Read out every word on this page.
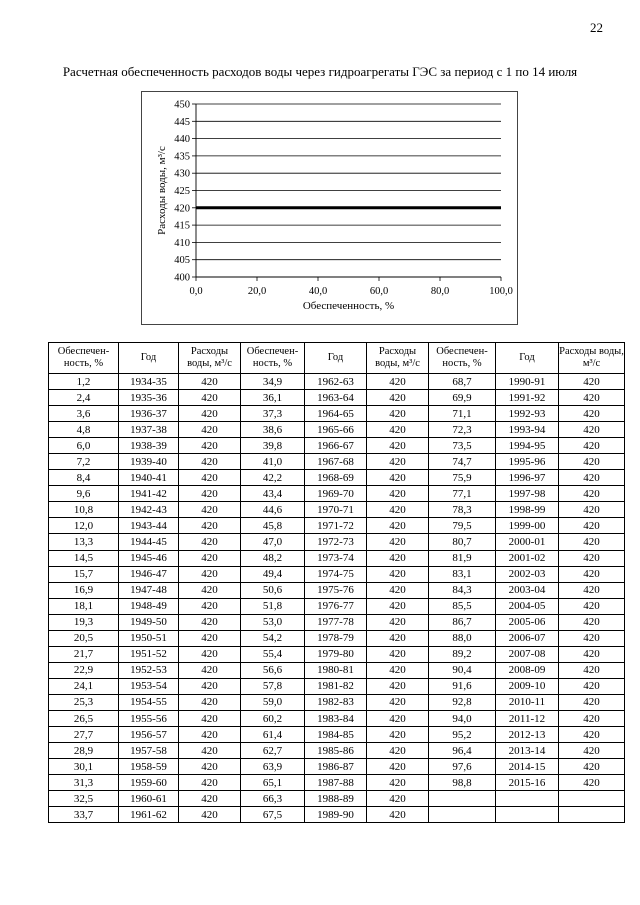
22
Расчетная обеспеченность расходов воды через гидроагрегаты ГЭС за период с 1 по 14 июля
400
405
410
415
420
425
430
435
440
445
450
0,0	20,0	40,0	60,0	80,0	100,0
Обеспеченность, %
Расходы воды, м³/с
Обеспечен-ность, %	Год	Расходы воды, м³/с	Обеспечен-ность, %	Год	Расходы воды, м³/с	Обеспечен-ность, %	Год	Расходы воды, м³/с
1,2	1934-35	420	34,9	1962-63	420	68,7	1990-91	420
2,4	1935-36	420	36,1	1963-64	420	69,9	1991-92	420
3,6	1936-37	420	37,3	1964-65	420	71,1	1992-93	420
4,8	1937-38	420	38,6	1965-66	420	72,3	1993-94	420
6,0	1938-39	420	39,8	1966-67	420	73,5	1994-95	420
7,2	1939-40	420	41,0	1967-68	420	74,7	1995-96	420
8,4	1940-41	420	42,2	1968-69	420	75,9	1996-97	420
9,6	1941-42	420	43,4	1969-70	420	77,1	1997-98	420
10,8	1942-43	420	44,6	1970-71	420	78,3	1998-99	420
12,0	1943-44	420	45,8	1971-72	420	79,5	1999-00	420
13,3	1944-45	420	47,0	1972-73	420	80,7	2000-01	420
14,5	1945-46	420	48,2	1973-74	420	81,9	2001-02	420
15,7	1946-47	420	49,4	1974-75	420	83,1	2002-03	420
16,9	1947-48	420	50,6	1975-76	420	84,3	2003-04	420
18,1	1948-49	420	51,8	1976-77	420	85,5	2004-05	420
19,3	1949-50	420	53,0	1977-78	420	86,7	2005-06	420
20,5	1950-51	420	54,2	1978-79	420	88,0	2006-07	420
21,7	1951-52	420	55,4	1979-80	420	89,2	2007-08	420
22,9	1952-53	420	56,6	1980-81	420	90,4	2008-09	420
24,1	1953-54	420	57,8	1981-82	420	91,6	2009-10	420
25,3	1954-55	420	59,0	1982-83	420	92,8	2010-11	420
26,5	1955-56	420	60,2	1983-84	420	94,0	2011-12	420
27,7	1956-57	420	61,4	1984-85	420	95,2	2012-13	420
28,9	1957-58	420	62,7	1985-86	420	96,4	2013-14	420
30,1	1958-59	420	63,9	1986-87	420	97,6	2014-15	420
31,3	1959-60	420	65,1	1987-88	420	98,8	2015-16	420
32,5	1960-61	420	66,3	1988-89	420			
33,7	1961-62	420	67,5	1989-90	420			
